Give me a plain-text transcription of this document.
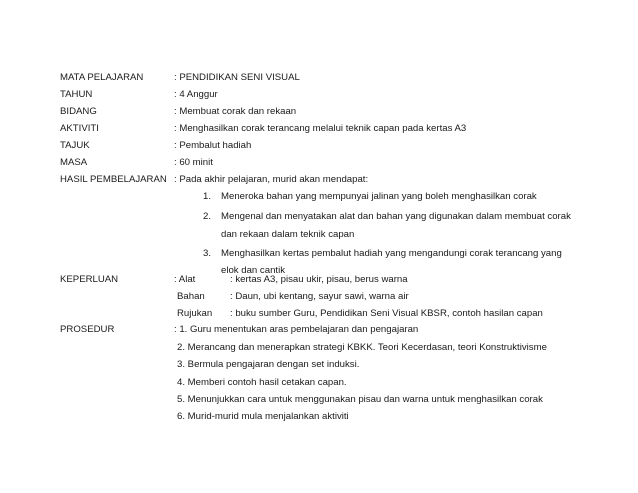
MATA PELAJARAN	: PENDIDIKAN SENI VISUAL
TAHUN	: 4 Anggur
BIDANG	: Membuat corak dan rekaan
AKTIVITI	: Menghasilkan corak terancang melalui teknik capan pada kertas A3
TAJUK	: Pembalut hadiah
MASA	: 60 minit
HASIL PEMBELAJARAN : Pada akhir pelajaran, murid akan mendapat:
1. Meneroka bahan yang mempunyai jalinan yang boleh menghasilkan corak
2. Mengenal dan menyatakan alat dan bahan yang digunakan dalam membuat corak
dan rekaan dalam teknik capan
3. Menghasilkan kertas pembalut hadiah yang mengandungi corak terancang yang
elok dan cantik
KEPERLUAN	: Alat	: kertas A3, pisau ukir, pisau, berus warna
Bahan	: Daun, ubi kentang, sayur sawi, warna air
Rujukan : buku sumber Guru, Pendidikan Seni Visual KBSR, contoh hasilan capan
PROSEDUR	: 1. Guru menentukan aras pembelajaran dan pengajaran
2. Merancang dan menerapkan strategi KBKK. Teori Kecerdasan, teori Konstruktivisme
3. Bermula pengajaran dengan set induksi.
4. Memberi contoh hasil cetakan capan.
5. Menunjukkan cara untuk menggunakan pisau dan warna untuk menghasilkan corak
6. Murid-murid mula menjalankan aktiviti
